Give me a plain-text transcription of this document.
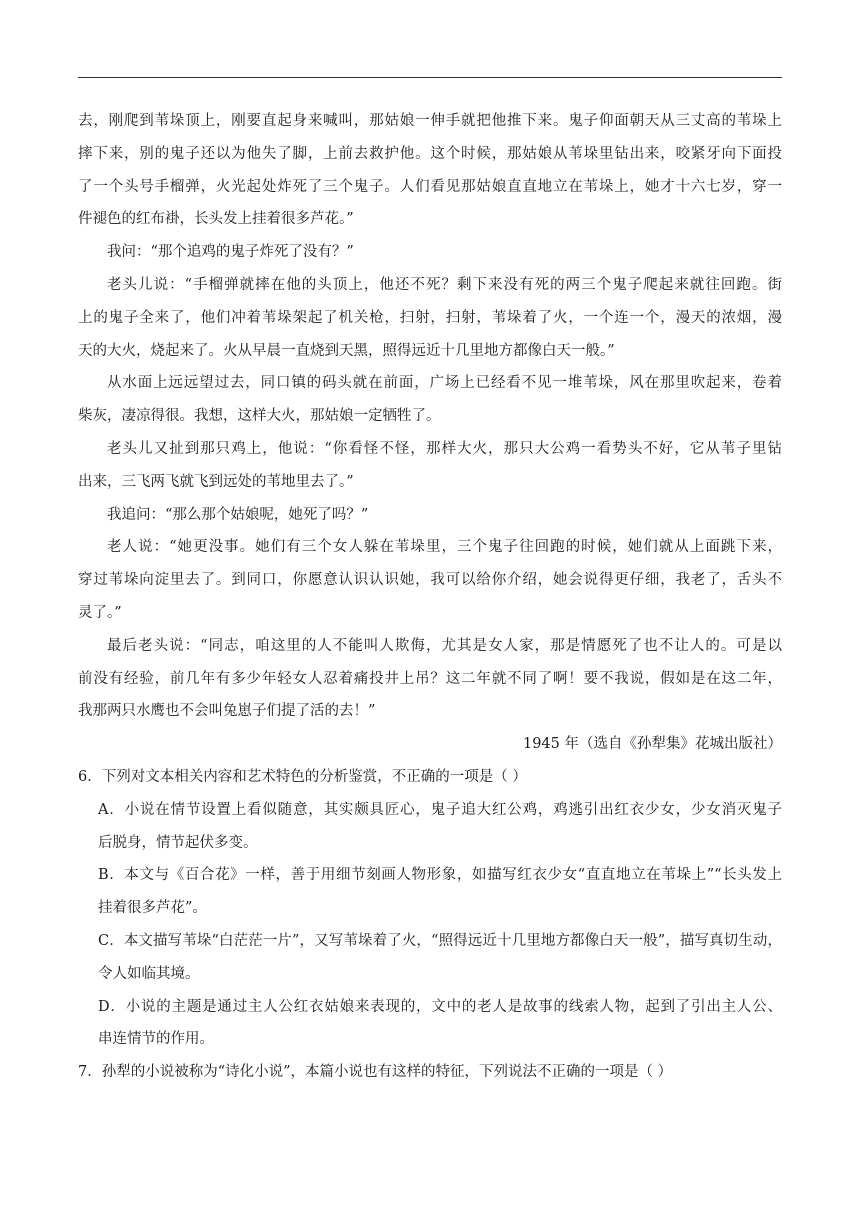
去，刚爬到苇垛顶上，刚要直起身来喊叫，那姑娘一伸手就把他推下来。鬼子仰面朝天从三丈高的苇垛上
摔下来，别的鬼子还以为他失了脚，上前去救护他。这个时候，那姑娘从苇垛里钻出来，咬紧牙向下面投
了一个头号手榴弹，火光起处炸死了三个鬼子。人们看见那姑娘直直地立在苇垛上，她才十六七岁，穿一
件褪色的红布褂，长头发上挂着很多芦花。”
我问：“那个追鸡的鬼子炸死了没有？”
老头儿说：“手榴弹就摔在他的头顶上，他还不死？剩下来没有死的两三个鬼子爬起来就往回跑。街
上的鬼子全来了，他们冲着苇垛架起了机关枪，扫射，扫射，苇垛着了火，一个连一个，漫天的浓烟，漫
天的大火，烧起来了。火从早晨一直烧到天黑，照得远近十几里地方都像白天一般。”
从水面上远远望过去，同口镇的码头就在前面，广场上已经看不见一堆苇垛，风在那里吹起来，卷着
柴灰，凄凉得很。我想，这样大火，那姑娘一定牺牲了。
老头儿又扯到那只鸡上，他说：“你看怪不怪，那样大火，那只大公鸡一看势头不好，它从苇子里钻
出来，三飞两飞就飞到远处的苇地里去了。”
我追问：“那么那个姑娘呢，她死了吗？”
老人说：“她更没事。她们有三个女人躲在苇垛里，三个鬼子往回跑的时候，她们就从上面跳下来，
穿过苇垛向淀里去了。到同口，你愿意认识认识她，我可以给你介绍，她会说得更仔细，我老了，舌头不
灵了。”
最后老头说：“同志，咱这里的人不能叫人欺侮，尤其是女人家，那是情愿死了也不让人的。可是以
前没有经验，前几年有多少年轻女人忍着痛投井上吊？这二年就不同了啊！要不我说，假如是在这二年，
我那两只水鹰也不会叫兔崽子们提了活的去！”
1945 年（选自《孙犁集》花城出版社）
6．下列对文本相关内容和艺术特色的分析鉴赏，不正确的一项是（ ）
A．小说在情节设置上看似随意，其实颇具匠心，鬼子追大红公鸡，鸡逃引出红衣少女，少女消灭鬼子
后脱身，情节起伏多变。
B．本文与《百合花》一样，善于用细节刻画人物形象，如描写红衣少女“直直地立在苇垛上”“长头发上
挂着很多芦花”。
C．本文描写苇垛“白茫茫一片”，又写苇垛着了火，“照得远近十几里地方都像白天一般”，描写真切生动，
令人如临其境。
D．小说的主题是通过主人公红衣姑娘来表现的，文中的老人是故事的线索人物，起到了引出主人公、
串连情节的作用。
7．孙犁的小说被称为“诗化小说”，本篇小说也有这样的特征，下列说法不正确的一项是（ ）
